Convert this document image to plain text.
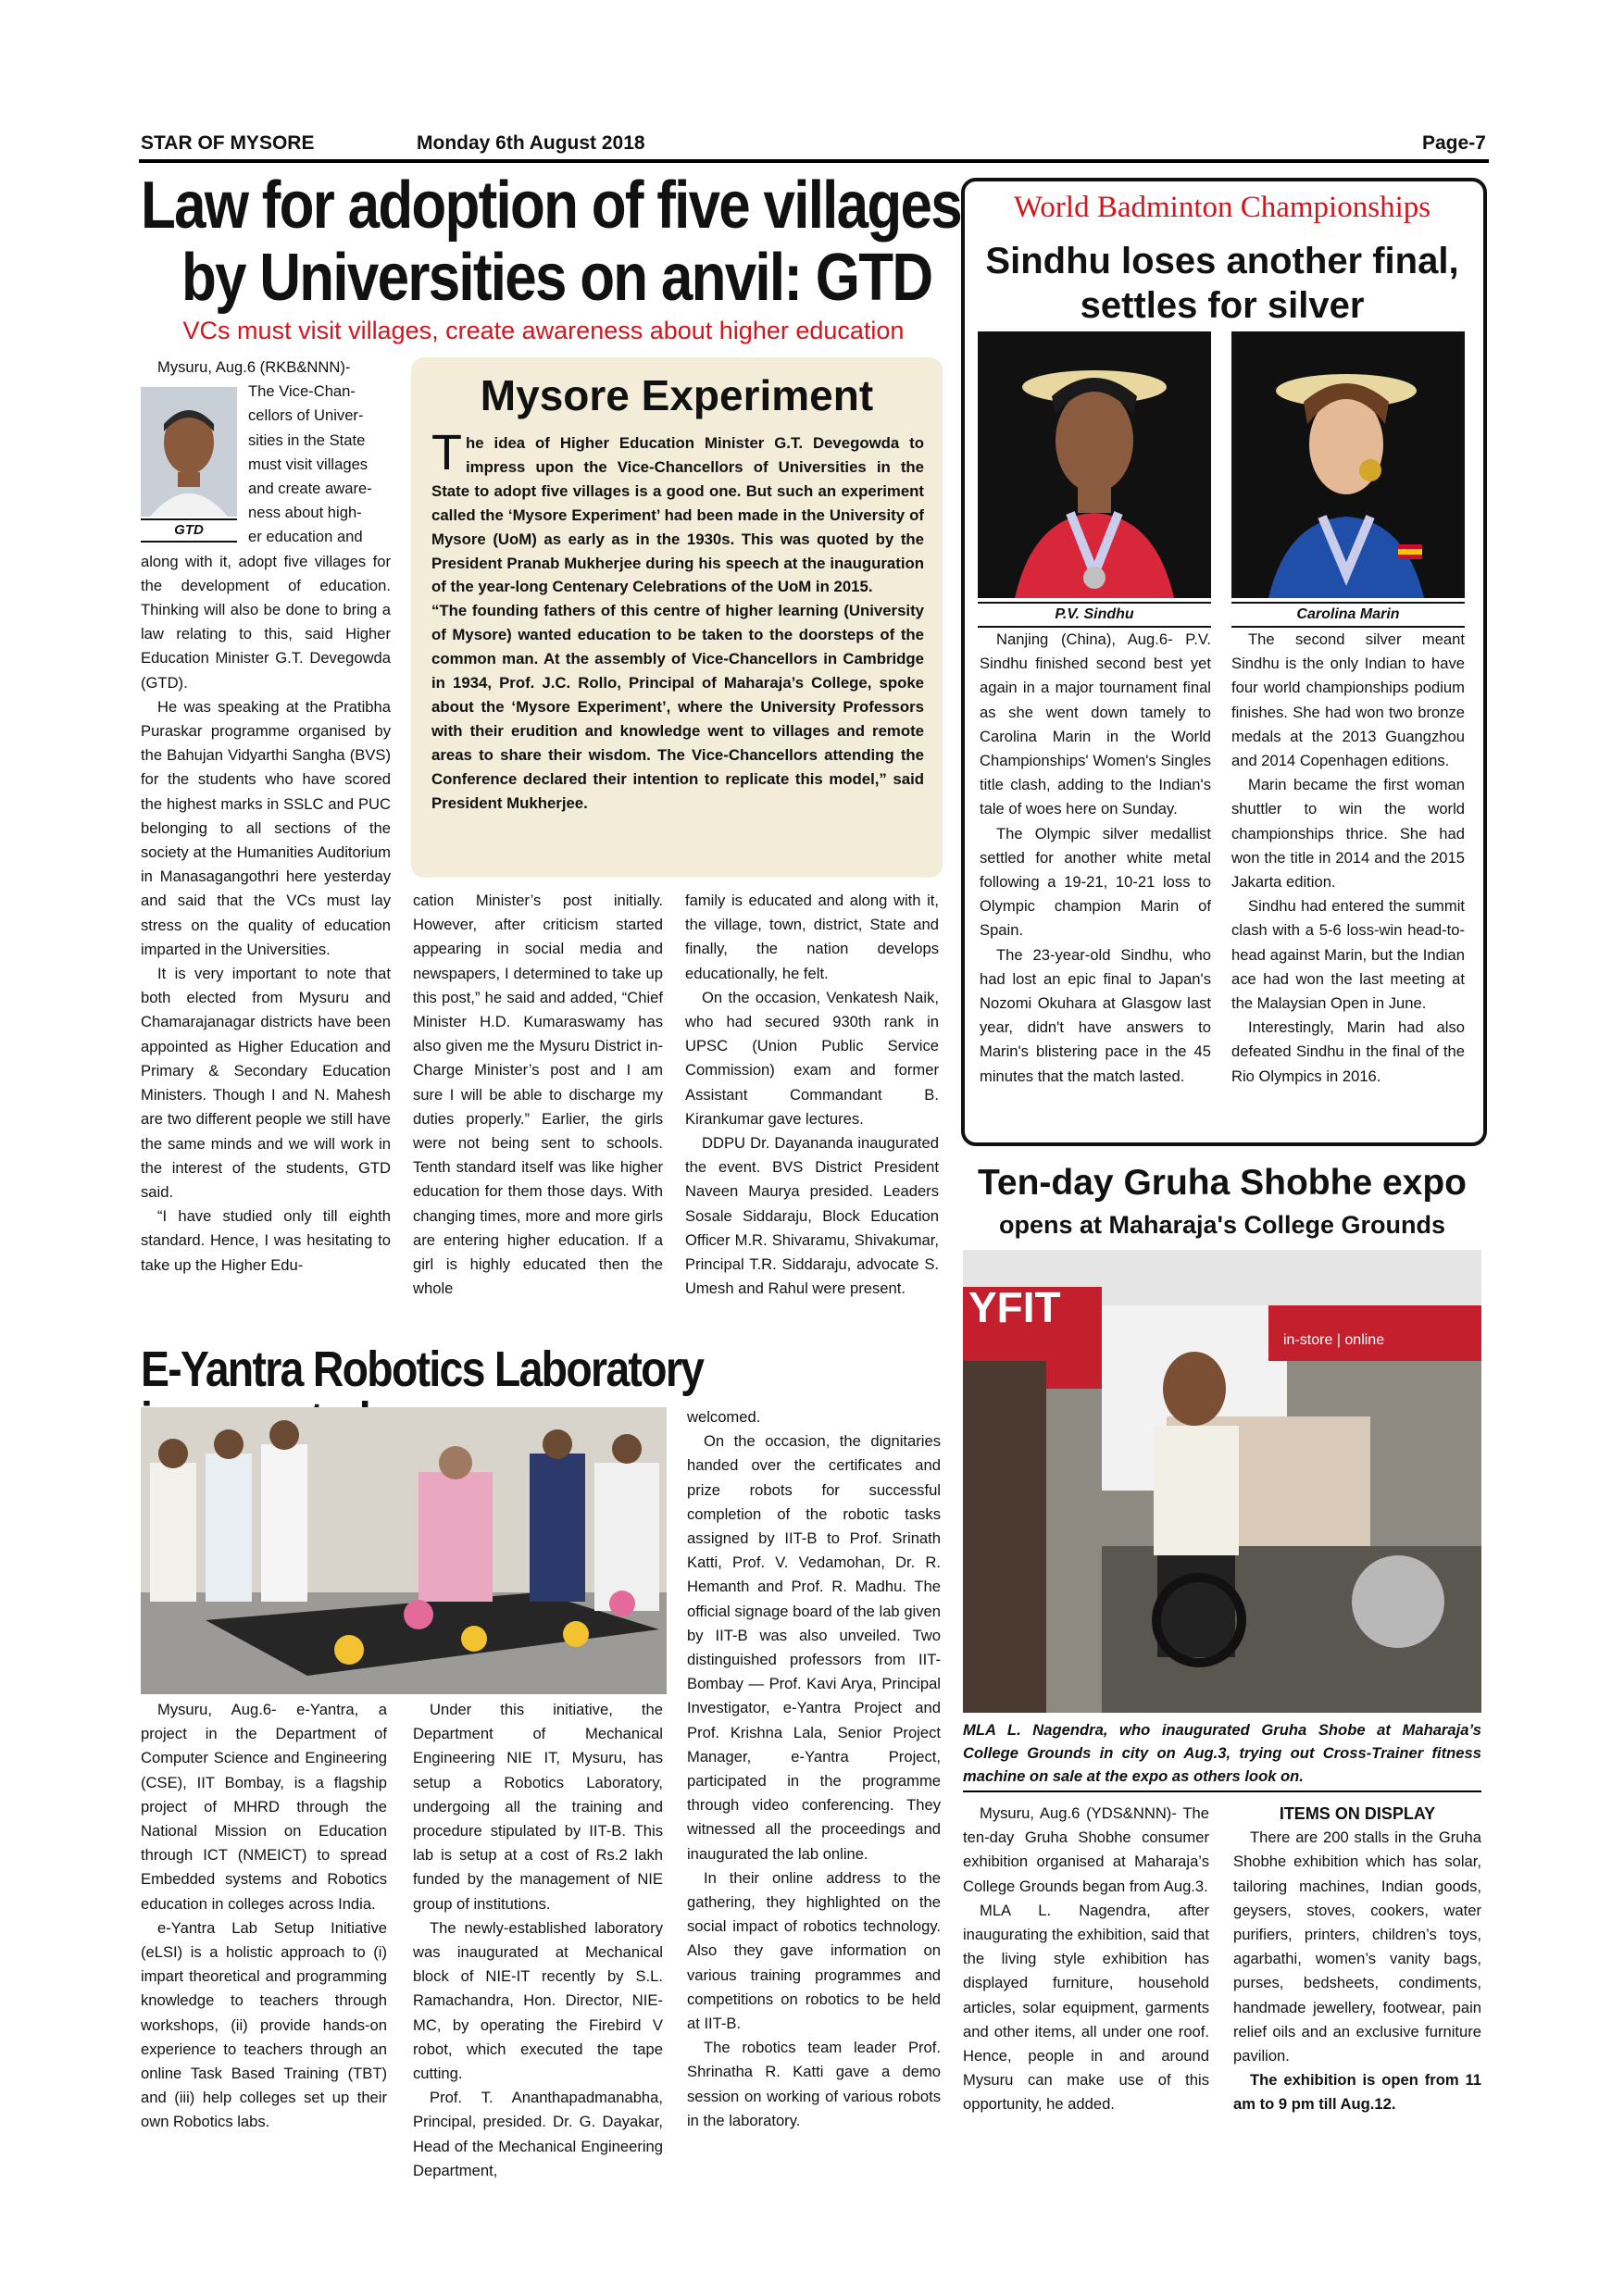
STAR OF MYSORE	Monday 6th August 2018	Page-7
Law for adoption of five villages
by Universities on anvil: GTD
VCs must visit villages, create awareness about higher education
GTD

Mysuru, Aug.6 (RKB&NNN)-

The Vice-Chan-
cellors of Univer-
sities in the State
must visit villages
and create aware-
ness about high-
er education and

along with it, adopt five villages for the development of education. Thinking will also be done to bring a law relating to this, said Higher Education Minister G.T. Devegowda (GTD).

He was speaking at the Pratibha Puraskar programme organised by the Bahujan Vidyarthi Sangha (BVS) for the students who have scored the highest marks in SSLC and PUC belonging to all sections of the society at the Humanities Auditorium in Manasagangothri here yesterday and said that the VCs must lay stress on the quality of education imparted in the Universities.

It is very important to note that both elected from Mysuru and Chamarajanagar districts have been appointed as Higher Education and Primary & Secondary Education Ministers. Though I and N. Mahesh are two different people we still have the same minds and we will work in the interest of the students, GTD said.

“I have studied only till eighth standard. Hence, I was hesitating to take up the Higher Edu-

Mysore Experiment
T he idea of Higher Education Minister G.T. Devegowda to impress upon the Vice-Chancellors of Universities in the State to adopt five villages is a good one. But such an experiment called the ‘Mysore Experiment’ had been made in the University of Mysore (UoM) as early as in the 1930s. This was quoted by the President Pranab Mukherjee during his speech at the inauguration of the year-long Centenary Celebrations of the UoM in 2015.
“The founding fathers of this centre of higher learning (University of Mysore) wanted education to be taken to the doorsteps of the common man. At the assembly of Vice-Chancellors in Cambridge in 1934, Prof. J.C. Rollo, Principal of Maharaja’s College, spoke about the ‘Mysore Experiment’, where the University Professors with their erudition and knowledge went to villages and remote areas to share their wisdom. The Vice-Chancellors attending the Conference declared their intention to replicate this model,” said President Mukherjee.

cation Minister’s post initially. However, after criticism started appearing in social media and newspapers, I determined to take up this post,” he said and added, “Chief Minister H.D. Kumaraswamy has also given me the Mysuru District in-Charge Minister’s post and I am sure I will be able to discharge my duties properly.” Earlier, the girls were not being sent to schools. Tenth standard itself was like higher education for them those days. With changing times, more and more girls are entering higher education. If a girl is highly educated then the whole

family is educated and along with it, the village, town, district, State and finally, the nation develops educationally, he felt.

On the occasion, Venkatesh Naik, who had secured 930th rank in UPSC (Union Public Service Commission) exam and former Assistant Commandant B. Kirankumar gave lectures.

DDPU Dr. Dayananda inaugurated the event. BVS District President Naveen Maurya presided. Leaders Sosale Siddaraju, Block Education Officer M.R. Shivaramu, Shivakumar, Principal T.R. Siddaraju, advocate S. Umesh and Rahul were present.

World Badminton Championships
Sindhu loses another final,
settles for silver
P.V. Sindhu	Carolina Marin

Nanjing (China), Aug.6- P.V. Sindhu finished second best yet again in a major tournament final as she went down tamely to Carolina Marin in the World Championships' Women's Singles title clash, adding to the Indian's tale of woes here on Sunday.

The Olympic silver medallist settled for another white metal following a 19-21, 10-21 loss to Olympic champion Marin of Spain.

The 23-year-old Sindhu, who had lost an epic final to Japan's Nozomi Okuhara at Glasgow last year, didn't have answers to Marin's blistering pace in the 45 minutes that the match lasted.

The second silver meant Sindhu is the only Indian to have four world championships podium finishes. She had won two bronze medals at the 2013 Guangzhou and 2014 Copenhagen editions.

Marin became the first woman shuttler to win the world championships thrice. She had won the title in 2014 and the 2015 Jakarta edition.

Sindhu had entered the summit clash with a 5-6 loss-win head-to-head against Marin, but the Indian ace had won the last meeting at the Malaysian Open in June.

Interestingly, Marin had also defeated Sindhu in the final of the Rio Olympics in 2016.

Ten-day Gruha Shobhe expo
opens at Maharaja's College Grounds
YFIT
in-store | online
MLA L. Nagendra, who inaugurated Gruha Shobe at Maharaja’s College Grounds in city on Aug.3, trying out Cross-Trainer fitness machine on sale at the expo as others look on.

Mysuru, Aug.6 (YDS&NNN)- The ten-day Gruha Shobhe consumer exhibition organised at Maharaja’s College Grounds began from Aug.3.

MLA L. Nagendra, after inaugurating the exhibition, said that the living style exhibition has displayed furniture, household articles, solar equipment, garments and other items, all under one roof. Hence, people in and around Mysuru can make use of this opportunity, he added.

ITEMS ON DISPLAY

There are 200 stalls in the Gruha Shobhe exhibition which has solar, tailoring machines, Indian goods, geysers, stoves, cookers, water purifiers, printers, children’s toys, agarbathi, women’s vanity bags, purses, bedsheets, condiments, handmade jewellery, footwear, pain relief oils and an exclusive furniture pavilion.

The exhibition is open from 11 am to 9 pm till Aug.12.

E-Yantra Robotics Laboratory

Mysuru, Aug.6- e-Yantra, a project in the Department of Computer Science and Engineering (CSE), IIT Bombay, is a flagship project of MHRD through the National Mission on Education through ICT (NMEICT) to spread Embedded systems and Robotics education in colleges across India.

e-Yantra Lab Setup Initiative (eLSI) is a holistic approach to (i) impart theoretical and programming knowledge to teachers through workshops, (ii) provide hands-on experience to teachers through an online Task Based Training (TBT) and (iii) help colleges set up their own Robotics labs.

Under this initiative, the Department of Mechanical Engineering NIE IT, Mysuru, has setup a Robotics Laboratory, undergoing all the training and procedure stipulated by IIT-B. This lab is setup at a cost of Rs.2 lakh funded by the management of NIE group of institutions.

The newly-established laboratory was inaugurated at Mechanical block of NIE-IT recently by S.L. Ramachandra, Hon. Director, NIE-MC, by operating the Firebird V robot, which executed the tape cutting.

Prof. T. Ananthapadmanabha, Principal, presided. Dr. G. Dayakar, Head of the Mechanical Engineering Department,

welcomed.

On the occasion, the dignitaries handed over the certificates and prize robots for successful completion of the robotic tasks assigned by IIT-B to Prof. Srinath Katti, Prof. V. Vedamohan, Dr. R. Hemanth and Prof. R. Madhu. The official signage board of the lab given by IIT-B was also unveiled. Two distinguished professors from IIT-Bombay — Prof. Kavi Arya, Principal Investigator, e-Yantra Project and Prof. Krishna Lala, Senior Project Manager, e-Yantra Project, participated in the programme through video conferencing. They witnessed all the proceedings and inaugurated the lab online.

In their online address to the gathering, they highlighted on the social impact of robotics technology. Also they gave information on various training programmes and competitions on robotics to be held at IIT-B.

The robotics team leader Prof. Shrinatha R. Katti gave a demo session on working of various robots in the laboratory.
